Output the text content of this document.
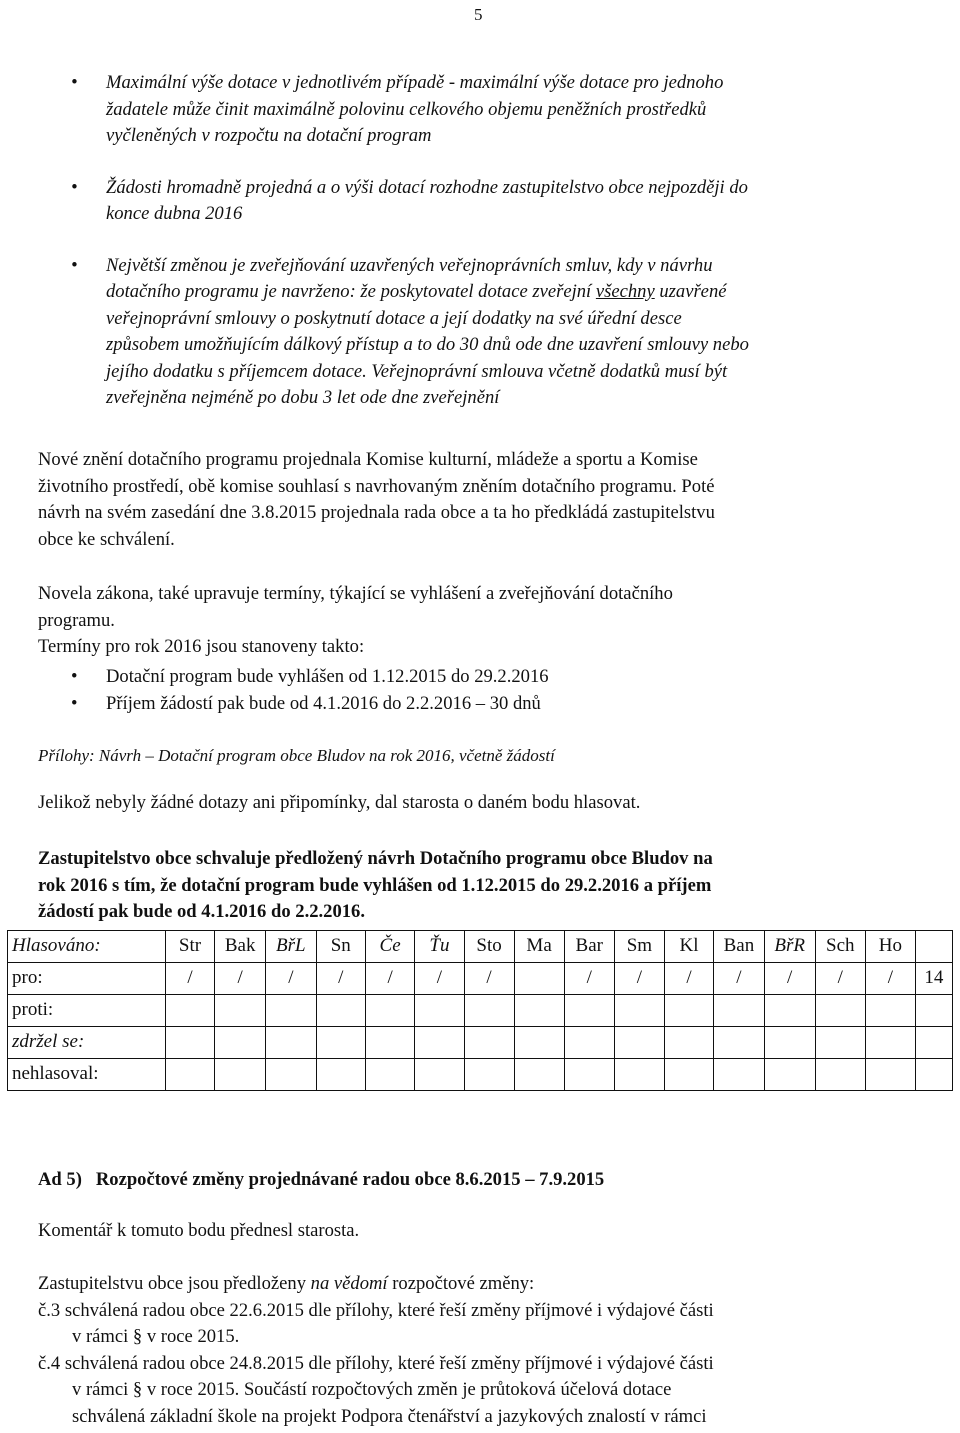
5
• Maximální výše dotace v jednotlivém případě - maximální výše dotace pro jednoho

žadatele může činit maximálně polovinu celkového objemu peněžních prostředků

vyčleněných v rozpočtu na dotační program

• Žádosti hromadně projedná a o výši dotací rozhodne zastupitelstvo obce nejpozději do

konce dubna 2016

• Největší změnou je zveřejňování uzavřených veřejnoprávních smluv, kdy v návrhu

dotačního programu je navrženo: že poskytovatel dotace zveřejní všechny uzavřené

veřejnoprávní smlouvy o poskytnutí dotace a její dodatky na své úřední desce

způsobem umožňujícím dálkový přístup a to do 30 dnů ode dne uzavření smlouvy nebo

jejího dodatku s příjemcem dotace. Veřejnoprávní smlouva včetně dodatků musí být

zveřejněna nejméně po dobu 3 let ode dne zveřejnění

Nové znění dotačního programu projednala Komise kulturní, mládeže a sportu a Komise

životního prostředí, obě komise souhlasí s navrhovaným zněním dotačního programu. Poté

návrh na svém zasedání dne 3.8.2015 projednala rada obce a ta ho předkládá zastupitelstvu

obce ke schválení.

Novela zákona, také upravuje termíny, týkající se vyhlášení a zveřejňování dotačního

programu.

Termíny pro rok 2016 jsou stanoveny takto:

• Dotační program bude vyhlášen od 1.12.2015 do 29.2.2016

• Příjem žádostí pak bude od 4.1.2016 do 2.2.2016 – 30 dnů

Přílohy: Návrh – Dotační program obce Bludov na rok 2016, včetně žádostí
Jelikož nebyly žádné dotazy ani připomínky, dal starosta o daném bodu hlasovat.

Zastupitelstvo obce schvaluje předložený návrh Dotačního programu obce Bludov na

rok 2016 s tím, že dotační program bude vyhlášen od 1.12.2015 do 29.2.2016 a příjem

žádostí pak bude od 4.1.2016 do 2.2.2016.

Hlasováno:	Str	Bak	BřL	Sn	Če	Ťu	Sto	Ma	Bar	Sm	Kl	Ban	BřR	Sch	Ho	
pro:	/	/	/	/	/	/	/		/	/	/	/	/	/	/	14
proti:																
zdržel se:																
nehlasoval:																
Ad 5)   Rozpočtové změny projednávané radou obce 8.6.2015 – 7.9.2015
Komentář k tomuto bodu přednesl starosta.

Zastupitelstvu obce jsou předloženy na vědomí rozpočtové změny:

č.3 schválená radou obce 22.6.2015 dle přílohy, které řeší změny příjmové i výdajové části

v rámci § v roce 2015.

č.4 schválená radou obce 24.8.2015 dle přílohy, které řeší změny příjmové i výdajové části

v rámci § v roce 2015. Součástí rozpočtových změn je průtoková účelová dotace

schválená základní škole na projekt Podpora čtenářství a jazykových znalostí v rámci
